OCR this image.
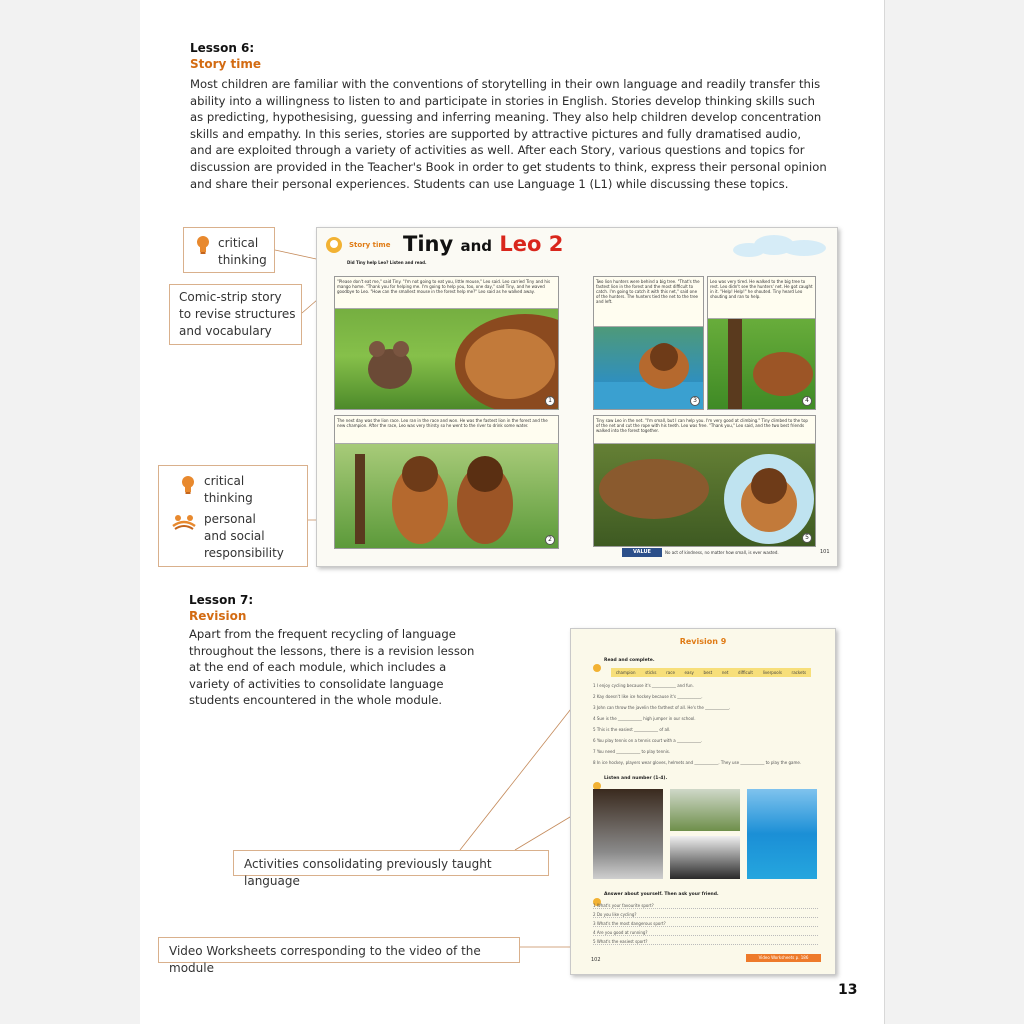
Lesson 6:
Story time
Most children are familiar with the conventions of storytelling in their own language and readily transfer this
ability into a willingness to listen to and participate in stories in English. Stories develop thinking skills such
as predicting, hypothesising, guessing and inferring meaning. They also help children develop concentration
skills and empathy. In this series, stories are supported by attractive pictures and fully dramatised audio,
and are exploited through a variety of activities as well. After each Story, various questions and topics for
discussion are provided in the Teacher's Book in order to get students to think, express their personal opinion
and share their personal experiences. Students can use Language 1 (L1) while discussing these topics.
critical
thinking
Comic-strip story
to revise structures
and vocabulary
critical
thinking
personal
and social
responsibility
Story time Tiny and Leo 2
Did Tiny help Leo? Listen and read.
"Please don't eat me," said Tiny. "I'm not going to eat you, little mouse," Leo said. Leo carried Tiny and his mango home. "Thank you for helping me. I'm going to help you, too, one day," said Tiny, and he waved goodbye to Leo. "How can the smallest mouse in the forest help me?" Leo said as he walked away.
1
The next day was the lion race. Leo ran in the race and won. He was the fastest lion in the forest and the new champion. After the race, Leo was very thirsty so he went to the river to drink some water.
2
Two lion hunters were behind a big tree. "That's the fastest lion in the forest and the most difficult to catch. I'm going to catch it with this net," said one of the hunters. The hunters tied the net to the tree and left.
3
Leo was very tired. He walked to the big tree to rest. Leo didn't see the hunters' net. He got caught in it. "Help! Help!" he shouted. Tiny heard Leo shouting and ran to help.
4
Tiny saw Leo in the net. "I'm small, but I can help you. I'm very good at climbing." Tiny climbed to the top of the net and cut the rope with his teeth. Leo was free. "Thank you," Leo said, and the two best friends walked into the forest together.
5
VALUE	No act of kindness, no matter how small, is ever wasted.	101
Lesson 7:
Revision
Apart from the frequent recycling of language
throughout the lessons, there is a revision lesson
at the end of each module, which includes a
variety of activities to consolidate language
students encountered in the whole module.
Activities consolidating previously taught language
Video Worksheets corresponding to the video of the module
Revision 9
Read and complete.
champion sticks race easy best net difficult liverpools rackets
1 I enjoy cycling because it's ____________ and fun.
2 Kay doesn't like ice hockey because it's ____________.
3 John can throw the javelin the farthest of all. He's the ____________.
4 Sue is the ____________ high jumper in our school.
5 This is the easiest ____________ of all.
6 You play tennis on a tennis court with a ____________.
7 You need ____________ to play tennis.
8 In ice hockey, players wear gloves, helmets and ____________. They use ____________ to play the game.
Listen and number (1-4).
Answer about yourself. Then ask your friend.
1 What's your favourite sport?
2 Do you like cycling?
3 What's the most dangerous sport?
4 Are you good at running?
5 What's the easiest sport?
102	Video Worksheets p. 186
13
